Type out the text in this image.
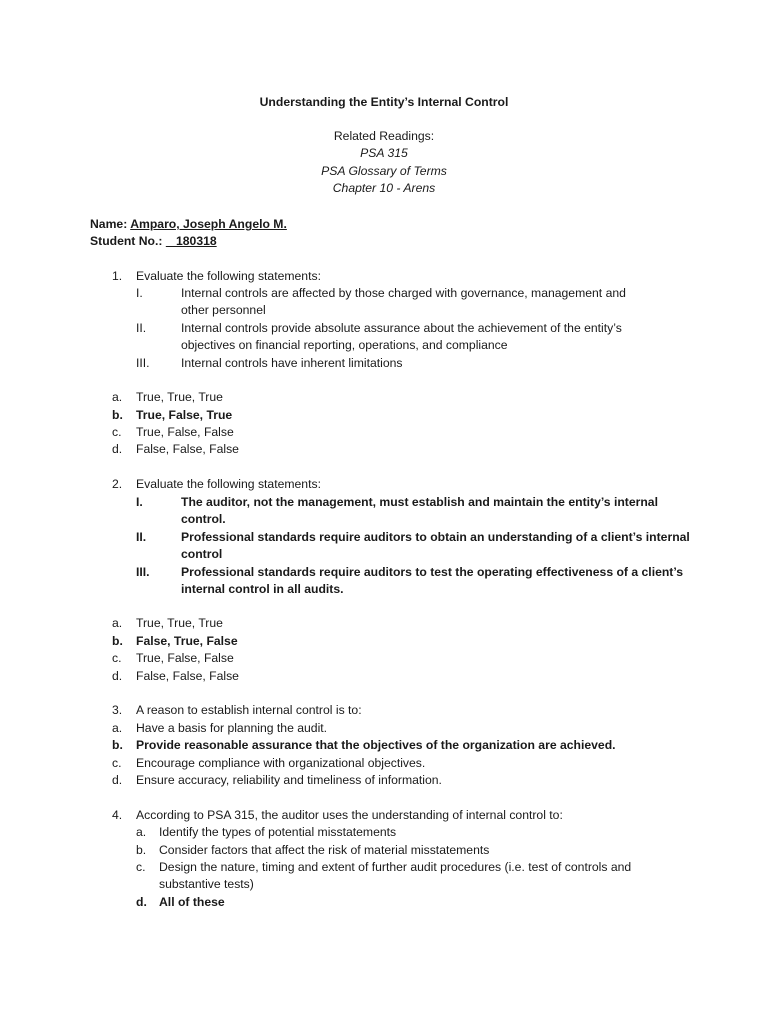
Understanding the Entity’s Internal Control
Related Readings:
PSA 315
PSA Glossary of Terms
Chapter 10 - Arens
Name: Amparo, Joseph Angelo M.
Student No.:    180318
1. Evaluate the following statements:
I.	Internal controls are affected by those charged with governance, management and
other personnel
II.	Internal controls provide absolute assurance about the achievement of the entity’s
objectives on financial reporting, operations, and compliance
III.	Internal controls have inherent limitations
a. True, True, True
b. True, False, True
c. True, False, False
d. False, False, False
2. Evaluate the following statements:
I.	The auditor, not the management, must establish and maintain the entity’s internal
control.
II.	Professional standards require auditors to obtain an understanding of a client’s internal
control
III.	Professional standards require auditors to test the operating effectiveness of a client’s
internal control in all audits.
a. True, True, True
b. False, True, False
c. True, False, False
d. False, False, False
3. A reason to establish internal control is to:
a. Have a basis for planning the audit.
b. Provide reasonable assurance that the objectives of the organization are achieved.
c. Encourage compliance with organizational objectives.
d. Ensure accuracy, reliability and timeliness of information.
4. According to PSA 315, the auditor uses the understanding of internal control to:
a. Identify the types of potential misstatements
b. Consider factors that affect the risk of material misstatements
c. Design the nature, timing and extent of further audit procedures (i.e. test of controls and
substantive tests)
d. All of these
